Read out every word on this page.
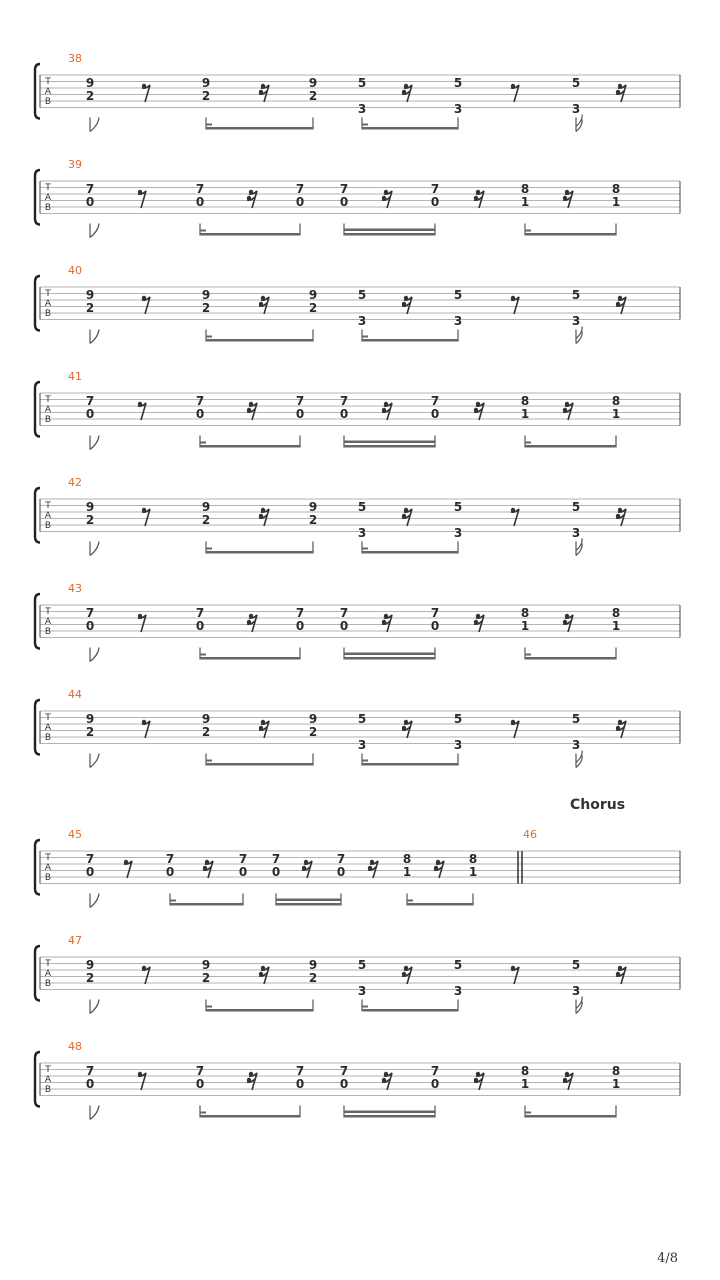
T
A
B
38
9
2
9
2
9
2
5
3
5
3
5
3
T
A
B
39
7
0
7
0
7
0
7
0
7
0
8
1
8
1
T
A
B
40
9
2
9
2
9
2
5
3
5
3
5
3
T
A
B
41
7
0
7
0
7
0
7
0
7
0
8
1
8
1
T
A
B
42
9
2
9
2
9
2
5
3
5
3
5
3
T
A
B
43
7
0
7
0
7
0
7
0
7
0
8
1
8
1
T
A
B
44
9
2
9
2
9
2
5
3
5
3
5
3
T
A
B
45
7
0
7
0
7
0
7
0
7
0
8
1
8
1
46
Chorus
T
A
B
47
9
2
9
2
9
2
5
3
5
3
5
3
T
A
B
48
7
0
7
0
7
0
7
0
7
0
8
1
8
1
4/8
